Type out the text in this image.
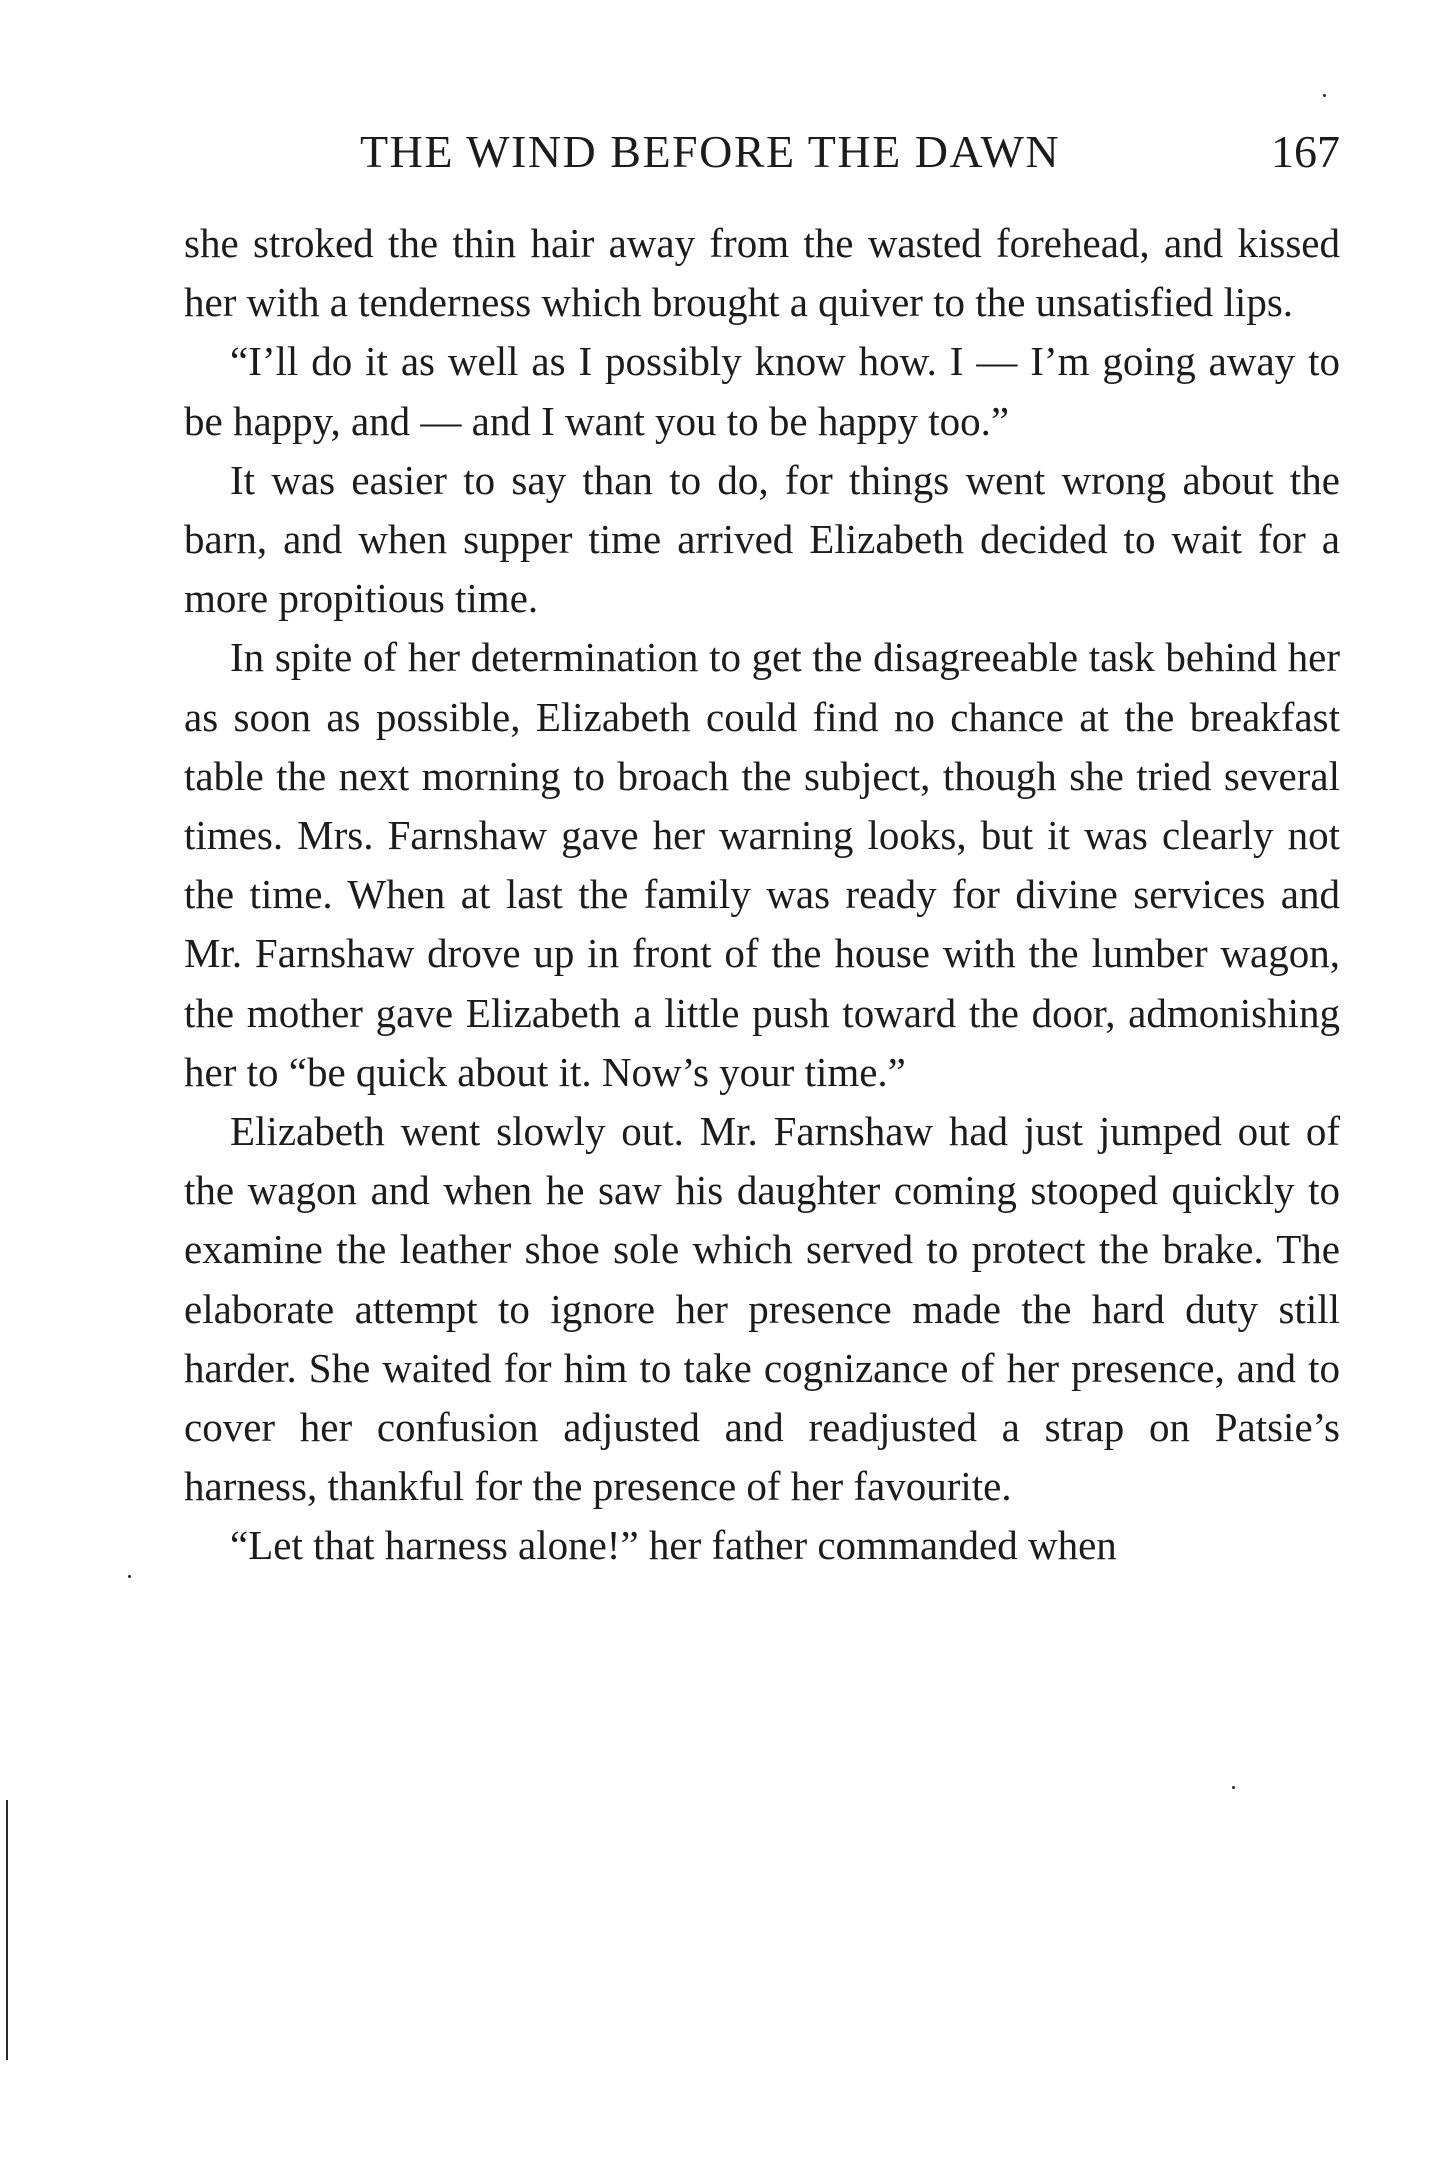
THE WIND BEFORE THE DAWN	167

she stroked the thin hair away from the wasted forehead, and kissed her with a tenderness which brought a quiver to the unsatisfied lips.

“I’ll do it as well as I possibly know how. I — I’m going away to be happy, and — and I want you to be happy too.”

It was easier to say than to do, for things went wrong about the barn, and when supper time arrived Elizabeth decided to wait for a more propitious time.

In spite of her determination to get the disagreeable task behind her as soon as possible, Elizabeth could find no chance at the breakfast table the next morning to broach the subject, though she tried several times. Mrs. Farnshaw gave her warning looks, but it was clearly not the time. When at last the family was ready for divine services and Mr. Farnshaw drove up in front of the house with the lumber wagon, the mother gave Elizabeth a little push toward the door, admonishing her to “be quick about it. Now’s your time.”

Elizabeth went slowly out. Mr. Farnshaw had just jumped out of the wagon and when he saw his daughter coming stooped quickly to examine the leather shoe sole which served to protect the brake. The elaborate attempt to ignore her presence made the hard duty still harder. She waited for him to take cognizance of her presence, and to cover her confusion adjusted and readjusted a strap on Patsie’s harness, thankful for the presence of her favourite.

“Let that harness alone!” her father commanded when
